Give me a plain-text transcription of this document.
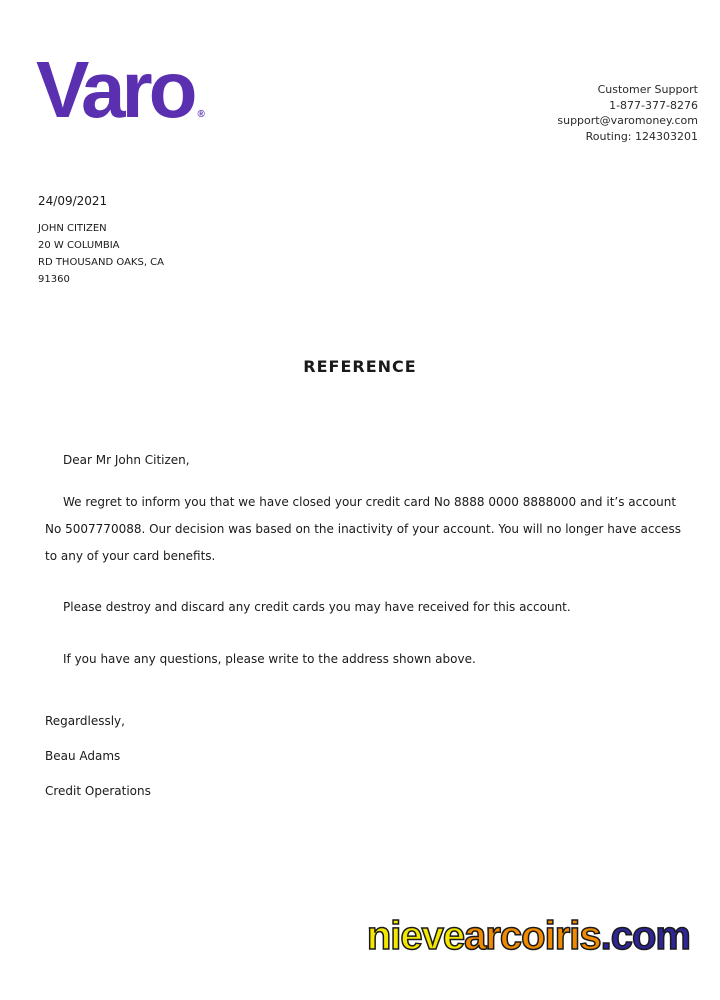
Varo ®
Customer Support
1-877-377-8276
support@varomoney.com
Routing: 124303201
24/09/2021
JOHN CITIZEN
20 W COLUMBIA
RD THOUSAND OAKS, CA
91360
REFERENCE
Dear Mr John Citizen,
We regret to inform you that we have closed your credit card No 8888 0000 8888000 and it’s account No 5007770088. Our decision was based on the inactivity of your account. You will no longer have access to any of your card benefits.
Please destroy and discard any credit cards you may have received for this account.
If you have any questions, please write to the address shown above.
Regardlessly,
Beau Adams
Credit Operations
nievearcoiris.com
